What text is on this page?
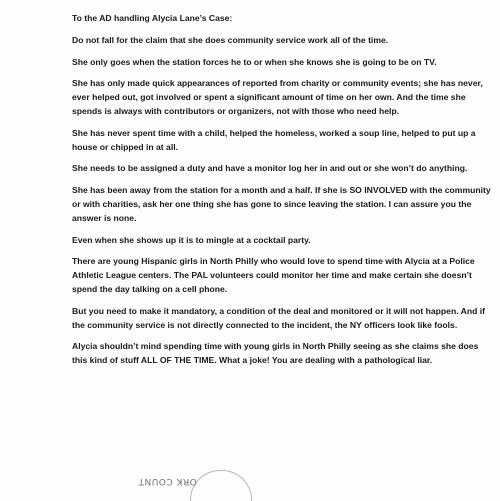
To the AD handling Alycia Lane’s Case:
Do not fall for the claim that she does community service work all of the time.
She only goes when the station forces he to or when she knows she is going to be on TV.
She has only made quick appearances of reported from charity or community events; she has never, ever helped out, got involved or spent a significant amount of time on her own. And the time she spends is always with contributors or organizers, not with those who need help.
She has never spent time with a child, helped the homeless, worked a soup line, helped to put up a house or chipped in at all.
She needs to be assigned a duty and have a monitor log her in and out or she won’t do anything.
She has been away from the station for a month and a half. If she is SO INVOLVED with the community or with charities, ask her one thing she has gone to since leaving the station. I can assure you the answer is none.
Even when she shows up it is to mingle at a cocktail party.
There are young Hispanic girls in North Philly who would love to spend time with Alycia at a Police Athletic League centers. The PAL volunteers could monitor her time and make certain she doesn’t spend the day talking on a cell phone.
But you need to make it mandatory, a condition of the deal and monitored or it will not happen. And if the community service is not directly connected to the incident, the NY officers look like fools.
Alycia shouldn’t mind spending time with young girls in North Philly seeing as she claims she does this kind of stuff ALL OF THE TIME. What a joke! You are dealing with a pathological liar.
ORK COUNT
